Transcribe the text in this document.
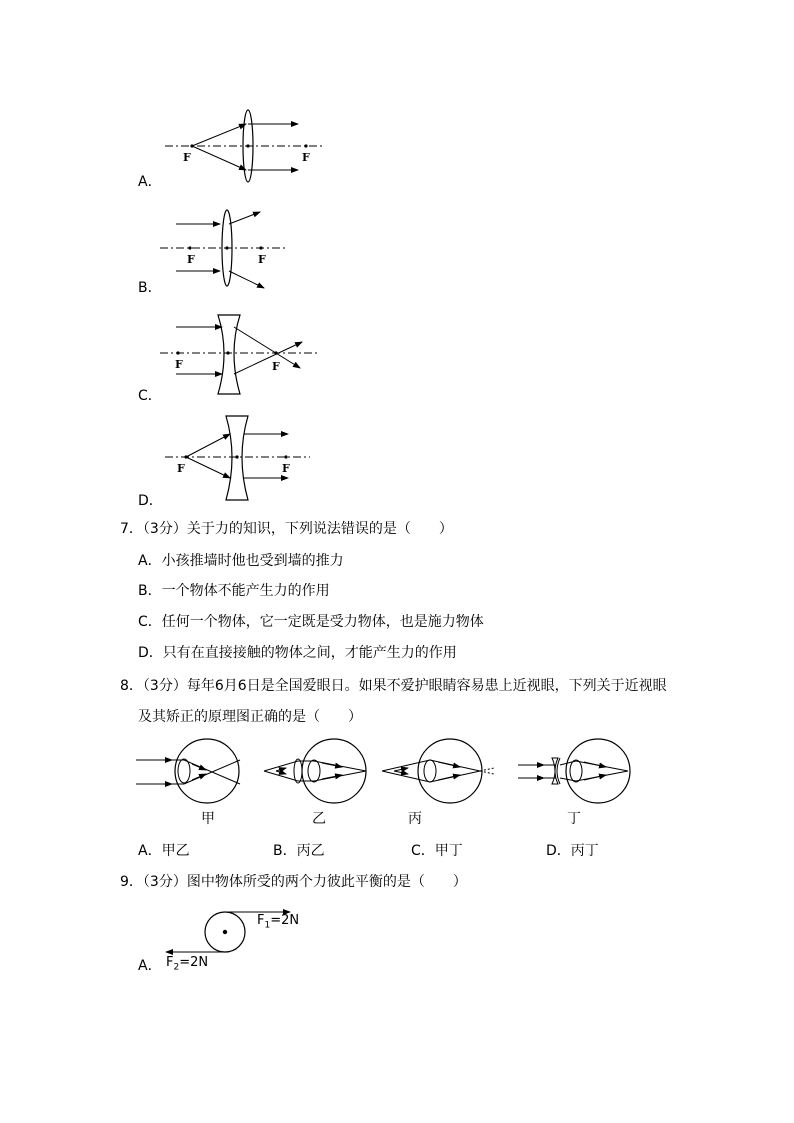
A．
F	F
B．
F	F
C．
F	F
D．
F	F
7．（3分）关于力的知识，下列说法错误的是（　　）
A．小孩推墙时他也受到墙的推力
B．一个物体不能产生力的作用
C．任何一个物体，它一定既是受力物体，也是施力物体
D．只有在直接接触的物体之间，才能产生力的作用
8．（3分）每年6月6日是全国爱眼日。如果不爱护眼睛容易患上近视眼，下列关于近视眼
及其矫正的原理图正确的是（　　）
甲	乙	丙	丁
A．甲乙	B．丙乙	C．甲丁	D．丙丁
9．（3分）图中物体所受的两个力彼此平衡的是（　　）
A．
$F_1=2N$
$F_2=2N$
